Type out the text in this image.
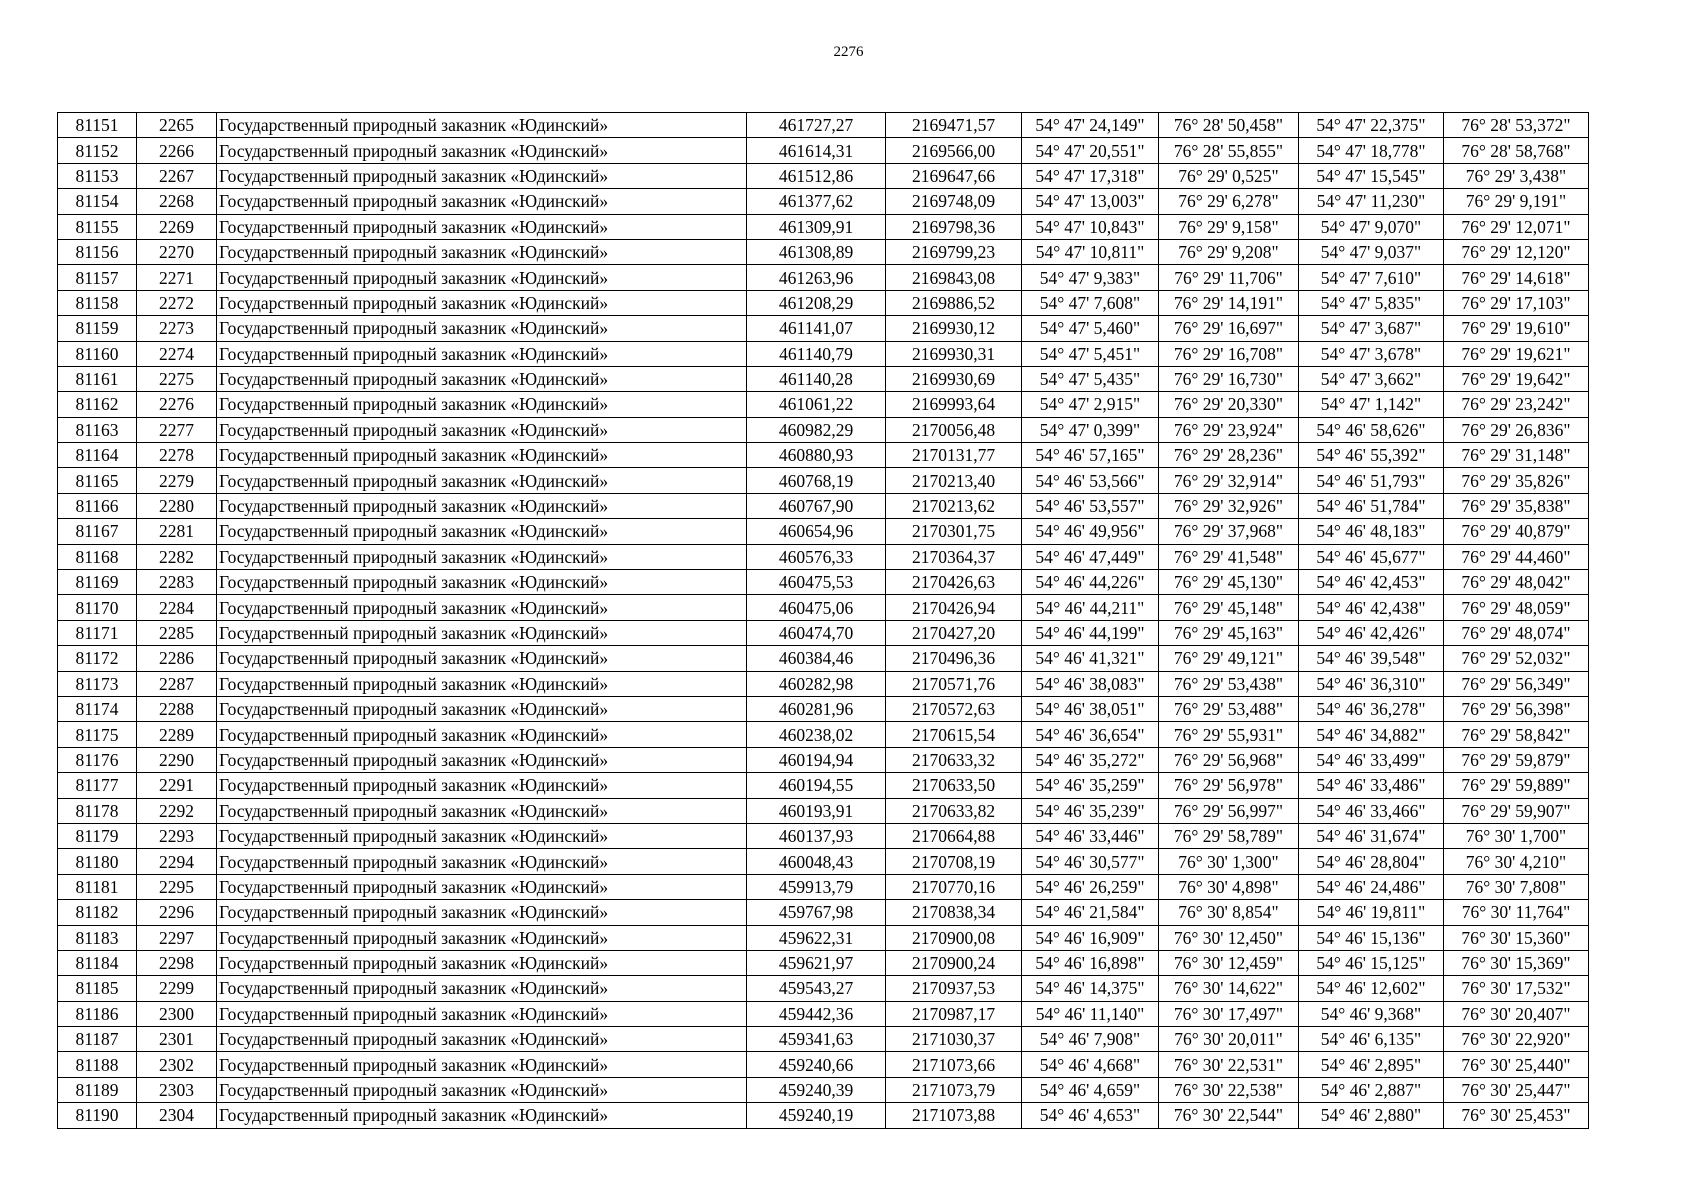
2276
81151	2265	Государственный природный заказник «Юдинский»	461727,27	2169471,57	54° 47' 24,149"	76° 28' 50,458"	54° 47' 22,375"	76° 28' 53,372"
81152	2266	Государственный природный заказник «Юдинский»	461614,31	2169566,00	54° 47' 20,551"	76° 28' 55,855"	54° 47' 18,778"	76° 28' 58,768"
81153	2267	Государственный природный заказник «Юдинский»	461512,86	2169647,66	54° 47' 17,318"	76° 29' 0,525"	54° 47' 15,545"	76° 29' 3,438"
81154	2268	Государственный природный заказник «Юдинский»	461377,62	2169748,09	54° 47' 13,003"	76° 29' 6,278"	54° 47' 11,230"	76° 29' 9,191"
81155	2269	Государственный природный заказник «Юдинский»	461309,91	2169798,36	54° 47' 10,843"	76° 29' 9,158"	54° 47' 9,070"	76° 29' 12,071"
81156	2270	Государственный природный заказник «Юдинский»	461308,89	2169799,23	54° 47' 10,811"	76° 29' 9,208"	54° 47' 9,037"	76° 29' 12,120"
81157	2271	Государственный природный заказник «Юдинский»	461263,96	2169843,08	54° 47' 9,383"	76° 29' 11,706"	54° 47' 7,610"	76° 29' 14,618"
81158	2272	Государственный природный заказник «Юдинский»	461208,29	2169886,52	54° 47' 7,608"	76° 29' 14,191"	54° 47' 5,835"	76° 29' 17,103"
81159	2273	Государственный природный заказник «Юдинский»	461141,07	2169930,12	54° 47' 5,460"	76° 29' 16,697"	54° 47' 3,687"	76° 29' 19,610"
81160	2274	Государственный природный заказник «Юдинский»	461140,79	2169930,31	54° 47' 5,451"	76° 29' 16,708"	54° 47' 3,678"	76° 29' 19,621"
81161	2275	Государственный природный заказник «Юдинский»	461140,28	2169930,69	54° 47' 5,435"	76° 29' 16,730"	54° 47' 3,662"	76° 29' 19,642"
81162	2276	Государственный природный заказник «Юдинский»	461061,22	2169993,64	54° 47' 2,915"	76° 29' 20,330"	54° 47' 1,142"	76° 29' 23,242"
81163	2277	Государственный природный заказник «Юдинский»	460982,29	2170056,48	54° 47' 0,399"	76° 29' 23,924"	54° 46' 58,626"	76° 29' 26,836"
81164	2278	Государственный природный заказник «Юдинский»	460880,93	2170131,77	54° 46' 57,165"	76° 29' 28,236"	54° 46' 55,392"	76° 29' 31,148"
81165	2279	Государственный природный заказник «Юдинский»	460768,19	2170213,40	54° 46' 53,566"	76° 29' 32,914"	54° 46' 51,793"	76° 29' 35,826"
81166	2280	Государственный природный заказник «Юдинский»	460767,90	2170213,62	54° 46' 53,557"	76° 29' 32,926"	54° 46' 51,784"	76° 29' 35,838"
81167	2281	Государственный природный заказник «Юдинский»	460654,96	2170301,75	54° 46' 49,956"	76° 29' 37,968"	54° 46' 48,183"	76° 29' 40,879"
81168	2282	Государственный природный заказник «Юдинский»	460576,33	2170364,37	54° 46' 47,449"	76° 29' 41,548"	54° 46' 45,677"	76° 29' 44,460"
81169	2283	Государственный природный заказник «Юдинский»	460475,53	2170426,63	54° 46' 44,226"	76° 29' 45,130"	54° 46' 42,453"	76° 29' 48,042"
81170	2284	Государственный природный заказник «Юдинский»	460475,06	2170426,94	54° 46' 44,211"	76° 29' 45,148"	54° 46' 42,438"	76° 29' 48,059"
81171	2285	Государственный природный заказник «Юдинский»	460474,70	2170427,20	54° 46' 44,199"	76° 29' 45,163"	54° 46' 42,426"	76° 29' 48,074"
81172	2286	Государственный природный заказник «Юдинский»	460384,46	2170496,36	54° 46' 41,321"	76° 29' 49,121"	54° 46' 39,548"	76° 29' 52,032"
81173	2287	Государственный природный заказник «Юдинский»	460282,98	2170571,76	54° 46' 38,083"	76° 29' 53,438"	54° 46' 36,310"	76° 29' 56,349"
81174	2288	Государственный природный заказник «Юдинский»	460281,96	2170572,63	54° 46' 38,051"	76° 29' 53,488"	54° 46' 36,278"	76° 29' 56,398"
81175	2289	Государственный природный заказник «Юдинский»	460238,02	2170615,54	54° 46' 36,654"	76° 29' 55,931"	54° 46' 34,882"	76° 29' 58,842"
81176	2290	Государственный природный заказник «Юдинский»	460194,94	2170633,32	54° 46' 35,272"	76° 29' 56,968"	54° 46' 33,499"	76° 29' 59,879"
81177	2291	Государственный природный заказник «Юдинский»	460194,55	2170633,50	54° 46' 35,259"	76° 29' 56,978"	54° 46' 33,486"	76° 29' 59,889"
81178	2292	Государственный природный заказник «Юдинский»	460193,91	2170633,82	54° 46' 35,239"	76° 29' 56,997"	54° 46' 33,466"	76° 29' 59,907"
81179	2293	Государственный природный заказник «Юдинский»	460137,93	2170664,88	54° 46' 33,446"	76° 29' 58,789"	54° 46' 31,674"	76° 30' 1,700"
81180	2294	Государственный природный заказник «Юдинский»	460048,43	2170708,19	54° 46' 30,577"	76° 30' 1,300"	54° 46' 28,804"	76° 30' 4,210"
81181	2295	Государственный природный заказник «Юдинский»	459913,79	2170770,16	54° 46' 26,259"	76° 30' 4,898"	54° 46' 24,486"	76° 30' 7,808"
81182	2296	Государственный природный заказник «Юдинский»	459767,98	2170838,34	54° 46' 21,584"	76° 30' 8,854"	54° 46' 19,811"	76° 30' 11,764"
81183	2297	Государственный природный заказник «Юдинский»	459622,31	2170900,08	54° 46' 16,909"	76° 30' 12,450"	54° 46' 15,136"	76° 30' 15,360"
81184	2298	Государственный природный заказник «Юдинский»	459621,97	2170900,24	54° 46' 16,898"	76° 30' 12,459"	54° 46' 15,125"	76° 30' 15,369"
81185	2299	Государственный природный заказник «Юдинский»	459543,27	2170937,53	54° 46' 14,375"	76° 30' 14,622"	54° 46' 12,602"	76° 30' 17,532"
81186	2300	Государственный природный заказник «Юдинский»	459442,36	2170987,17	54° 46' 11,140"	76° 30' 17,497"	54° 46' 9,368"	76° 30' 20,407"
81187	2301	Государственный природный заказник «Юдинский»	459341,63	2171030,37	54° 46' 7,908"	76° 30' 20,011"	54° 46' 6,135"	76° 30' 22,920"
81188	2302	Государственный природный заказник «Юдинский»	459240,66	2171073,66	54° 46' 4,668"	76° 30' 22,531"	54° 46' 2,895"	76° 30' 25,440"
81189	2303	Государственный природный заказник «Юдинский»	459240,39	2171073,79	54° 46' 4,659"	76° 30' 22,538"	54° 46' 2,887"	76° 30' 25,447"
81190	2304	Государственный природный заказник «Юдинский»	459240,19	2171073,88	54° 46' 4,653"	76° 30' 22,544"	54° 46' 2,880"	76° 30' 25,453"
